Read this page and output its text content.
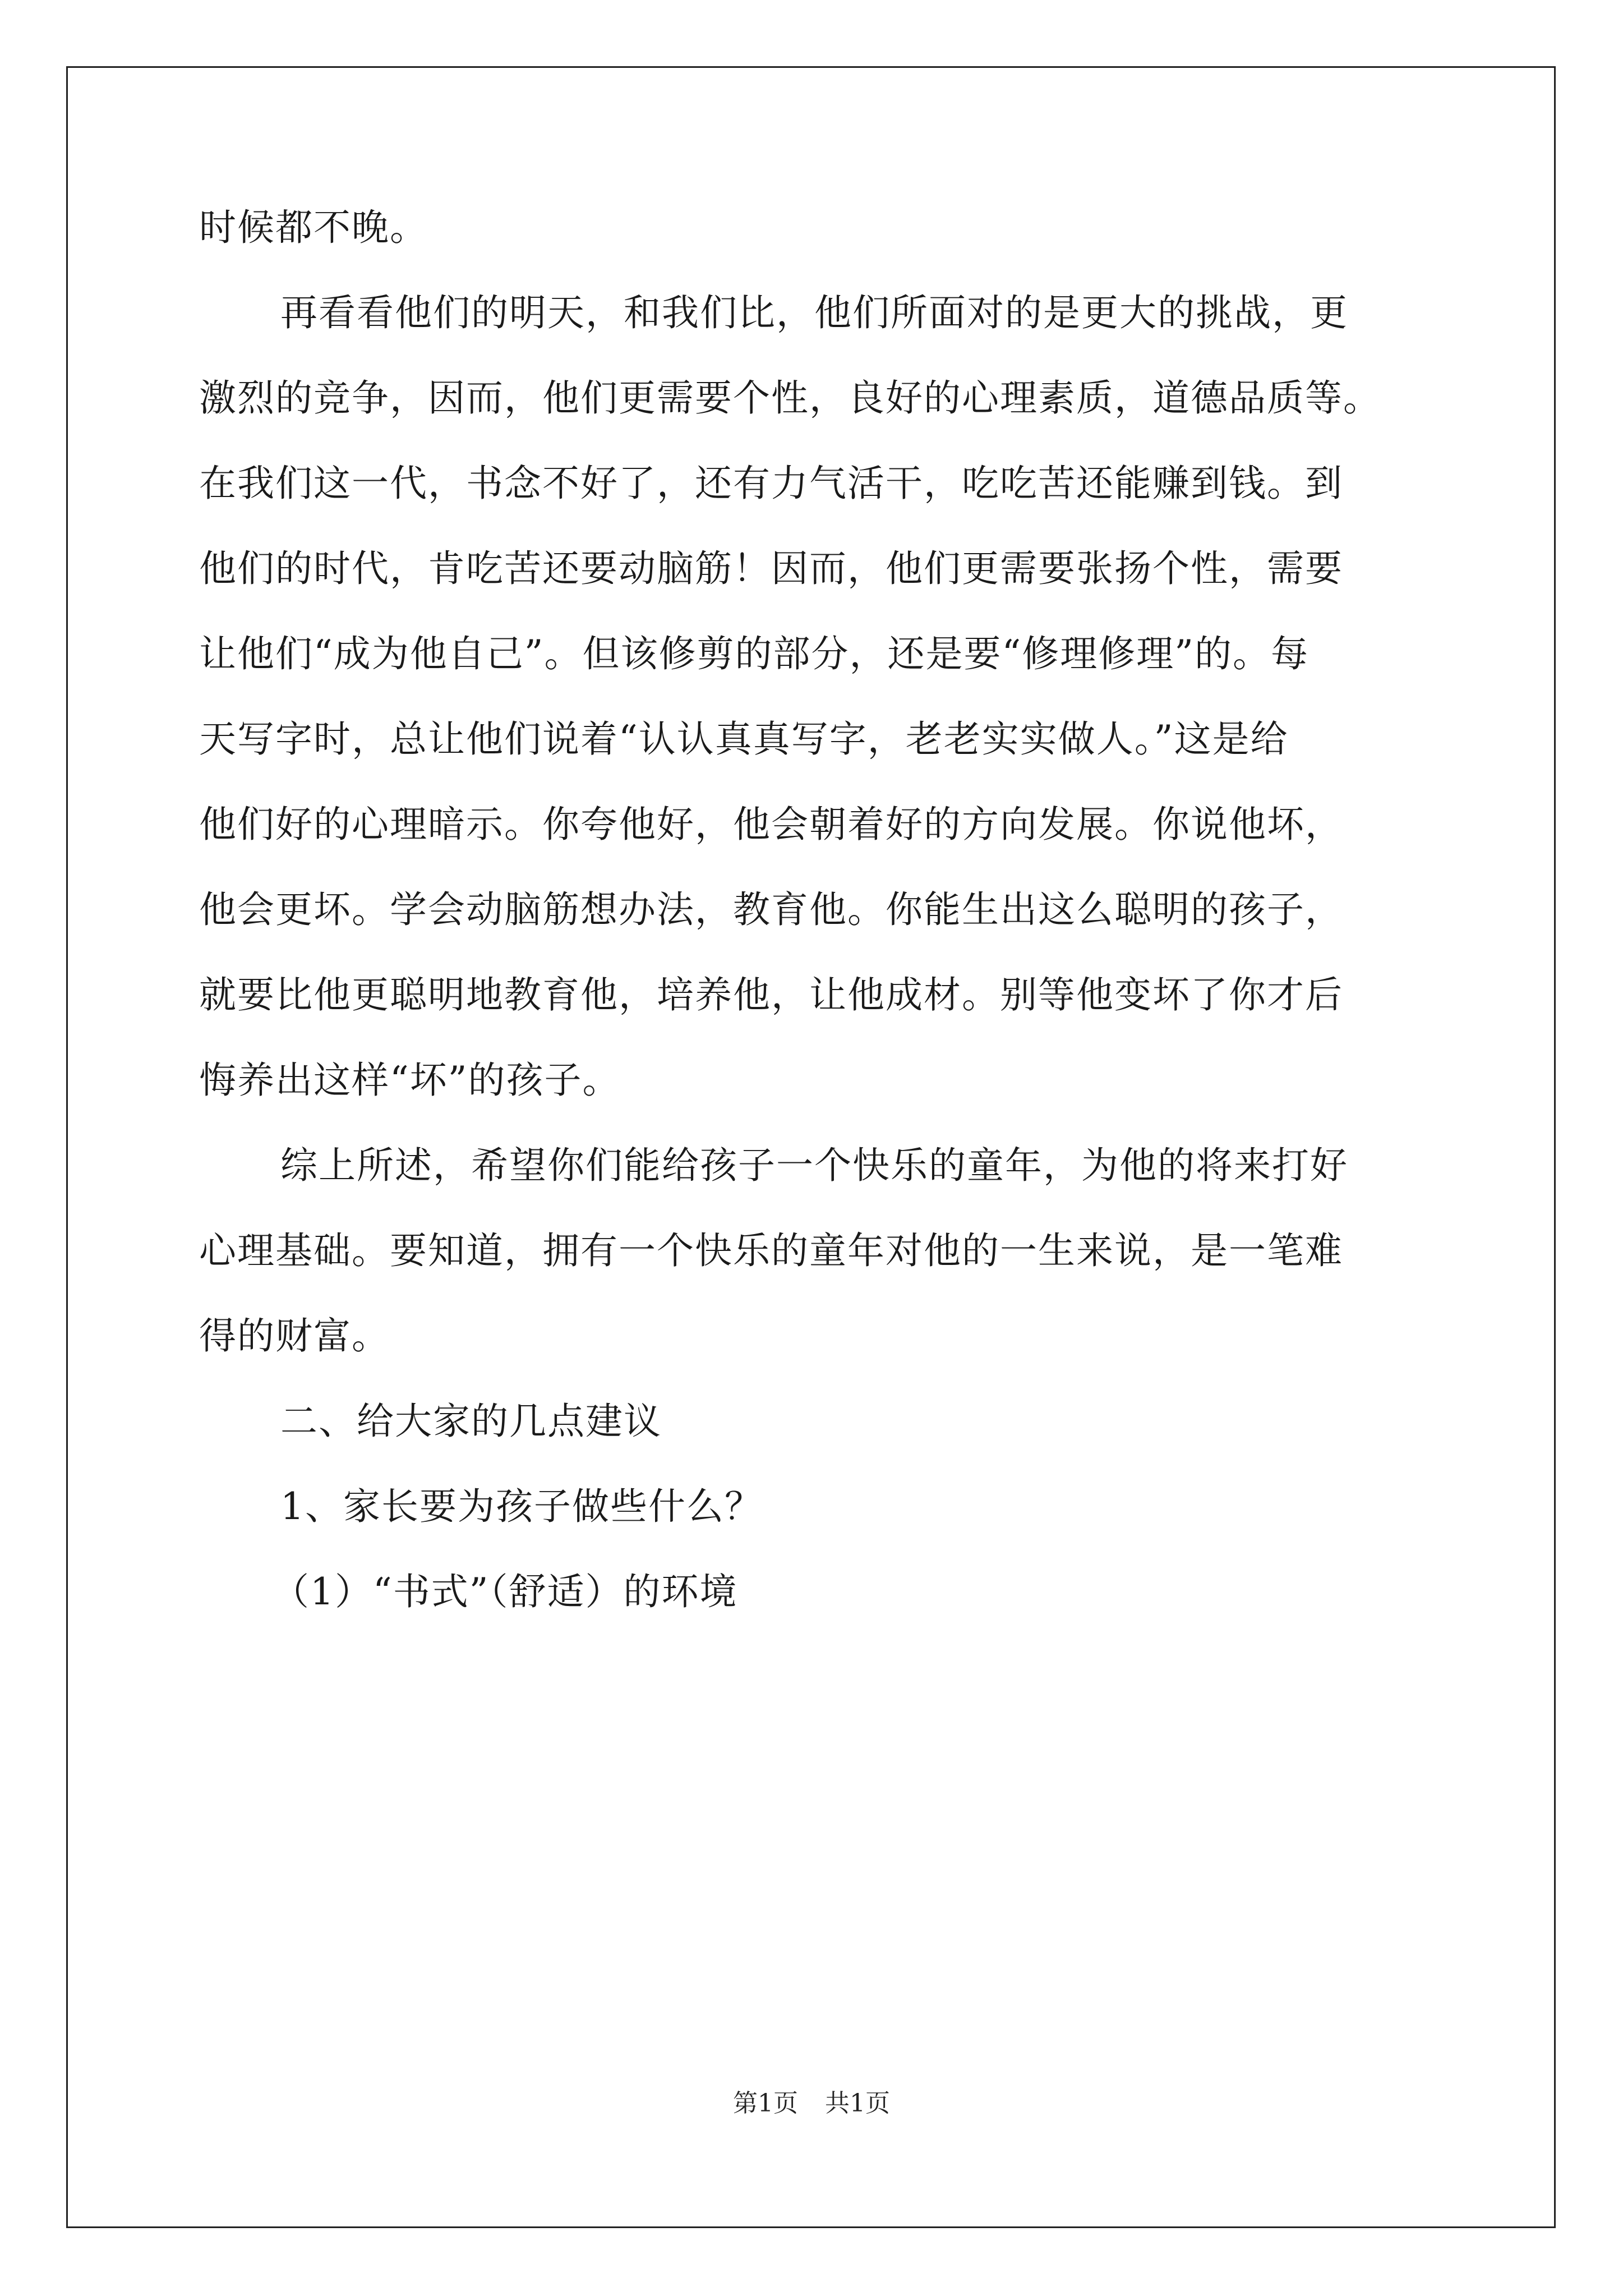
时候都不晚。
再看看他们的明天，和我们比，他们所面对的是更大的挑战，更
激烈的竞争，因而，他们更需要个性，良好的心理素质，道德品质等。
在我们这一代，书念不好了，还有力气活干，吃吃苦还能赚到钱。到
他们的时代，肯吃苦还要动脑筋！因而，他们更需要张扬个性，需要
让他们“成为他自己”。但该修剪的部分，还是要“修理修理”的。每
天写字时，总让他们说着“认认真真写字，老老实实做人。”这是给
他们好的心理暗示。你夸他好，他会朝着好的方向发展。你说他坏，
他会更坏。学会动脑筋想办法，教育他。你能生出这么聪明的孩子，
就要比他更聪明地教育他，培养他，让他成材。别等他变坏了你才后
悔养出这样“坏”的孩子。
综上所述，希望你们能给孩子一个快乐的童年，为他的将来打好
心理基础。要知道，拥有一个快乐的童年对他的一生来说，是一笔难
得的财富。
二、给大家的几点建议
1、家长要为孩子做些什么？
（1）“书式”（舒适）的环境
第1页 共1页
